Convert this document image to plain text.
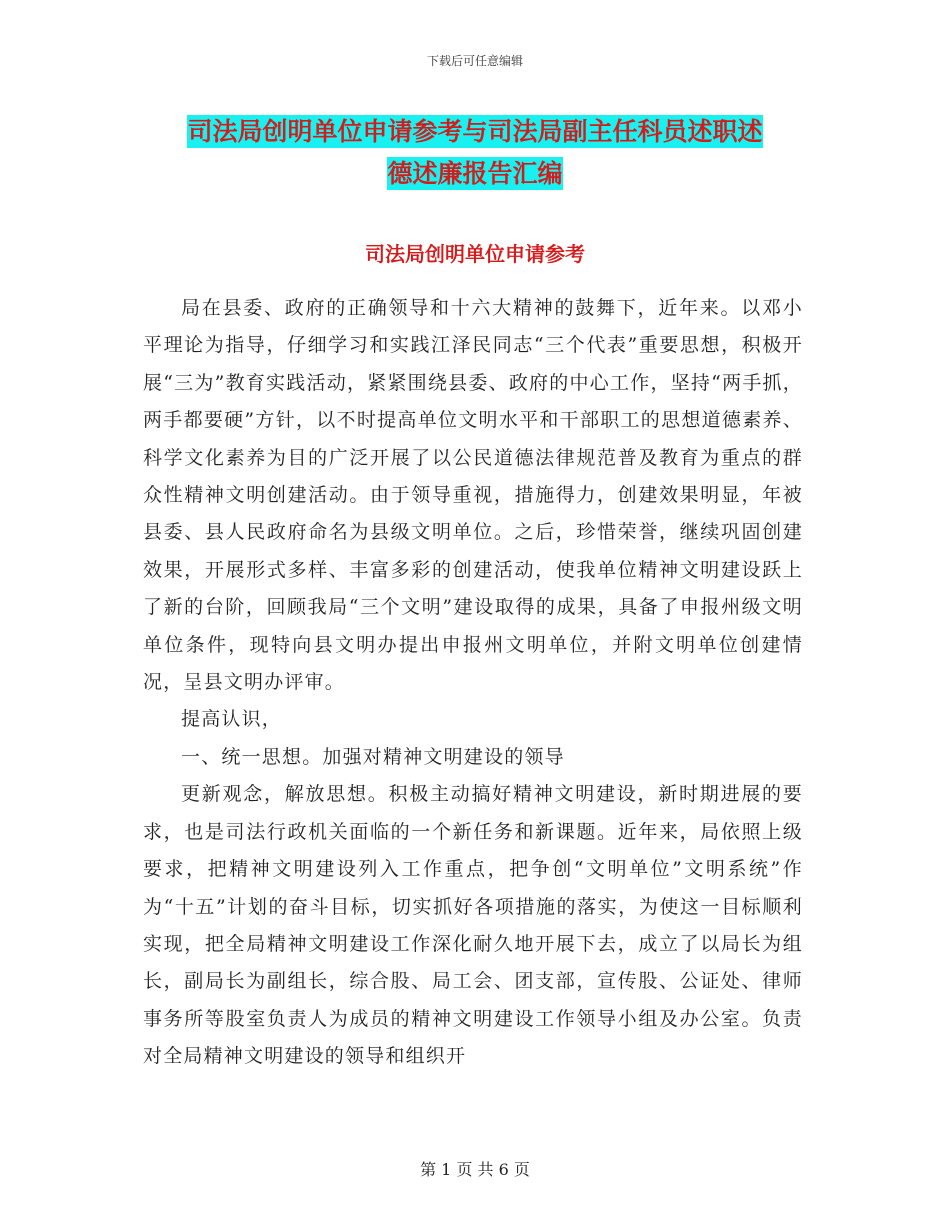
下载后可任意编辑
司法局创明单位申请参考与司法局副主任科员述职述
德述廉报告汇编
司法局创明单位申请参考

局在县委、政府的正确领导和十六大精神的鼓舞下，近年来。以邓小平理论为指导，仔细学习和实践江泽民同志“三个代表”重要思想，积极开展“三为”教育实践活动，紧紧围绕县委、政府的中心工作，坚持“两手抓，两手都要硬”方针，以不时提高单位文明水平和干部职工的思想道德素养、科学文化素养为目的广泛开展了以公民道德法律规范普及教育为重点的群众性精神文明创建活动。由于领导重视，措施得力，创建效果明显，年被县委、县人民政府命名为县级文明单位。之后，珍惜荣誉，继续巩固创建效果，开展形式多样、丰富多彩的创建活动，使我单位精神文明建设跃上了新的台阶，回顾我局“三个文明”建设取得的成果，具备了申报州级文明单位条件，现特向县文明办提出申报州文明单位，并附文明单位创建情况，呈县文明办评审。

提高认识，

一、统一思想。加强对精神文明建设的领导

更新观念，解放思想。积极主动搞好精神文明建设，新时期进展的要求，也是司法行政机关面临的一个新任务和新课题。近年来，局依照上级要求，把精神文明建设列入工作重点，把争创“文明单位”文明系统”作为“十五”计划的奋斗目标，切实抓好各项措施的落实，为使这一目标顺利实现，把全局精神文明建设工作深化耐久地开展下去，成立了以局长为组长，副局长为副组长，综合股、局工会、团支部，宣传股、公证处、律师事务所等股室负责人为成员的精神文明建设工作领导小组及办公室。负责对全局精神文明建设的领导和组织开

第 1 页 共 6 页
